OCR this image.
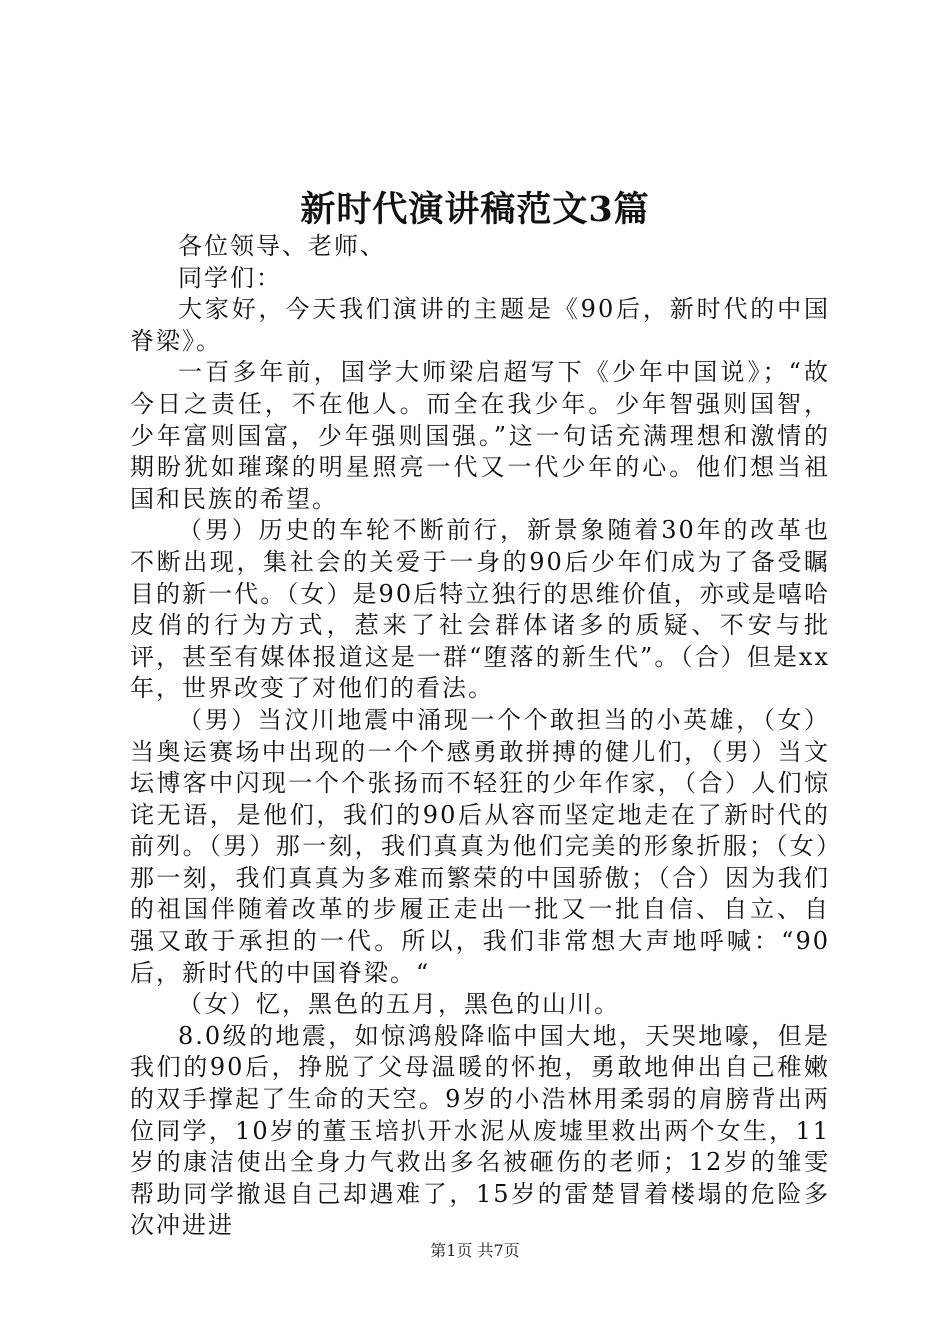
新时代演讲稿范文3篇

各位领导、老师、

同学们：

大家好，今天我们演讲的主题是《90后，新时代的中国脊梁》。

一百多年前，国学大师梁启超写下《少年中国说》；“故今日之责任，不在他人。而全在我少年。少年智强则国智，少年富则国富，少年强则国强。”这一句话充满理想和激情的期盼犹如璀璨的明星照亮一代又一代少年的心。他们想当祖国和民族的希望。

（男）历史的车轮不断前行，新景象随着30年的改革也不断出现，集社会的关爱于一身的90后少年们成为了备受瞩目的新一代。（女）是90后特立独行的思维价值，亦或是嘻哈皮俏的行为方式，惹来了社会群体诸多的质疑、不安与批评，甚至有媒体报道这是一群“堕落的新生代”。（合）但是xx年，世界改变了对他们的看法。

（男）当汶川地震中涌现一个个敢担当的小英雄，（女）当奥运赛场中出现的一个个感勇敢拼搏的健儿们，（男）当文坛博客中闪现一个个张扬而不轻狂的少年作家，（合）人们惊诧无语，是他们，我们的90后从容而坚定地走在了新时代的前列。（男）那一刻，我们真真为他们完美的形象折服；（女）那一刻，我们真真为多难而繁荣的中国骄傲；（合）因为我们的祖国伴随着改革的步履正走出一批又一批自信、自立、自强又敢于承担的一代。所以，我们非常想大声地呼喊：“90后，新时代的中国脊梁。“

（女）忆，黑色的五月，黑色的山川。

8.0级的地震，如惊鸿般降临中国大地，天哭地嚎，但是我们的90后，挣脱了父母温暖的怀抱，勇敢地伸出自己稚嫩的双手撑起了生命的天空。9岁的小浩林用柔弱的肩膀背出两位同学，10岁的董玉培扒开水泥从废墟里救出两个女生，11岁的康洁使出全身力气救出多名被砸伤的老师；12岁的雏雯帮助同学撤退自己却遇难了，15岁的雷楚冒着楼塌的危险多次冲进进

第1页 共7页
